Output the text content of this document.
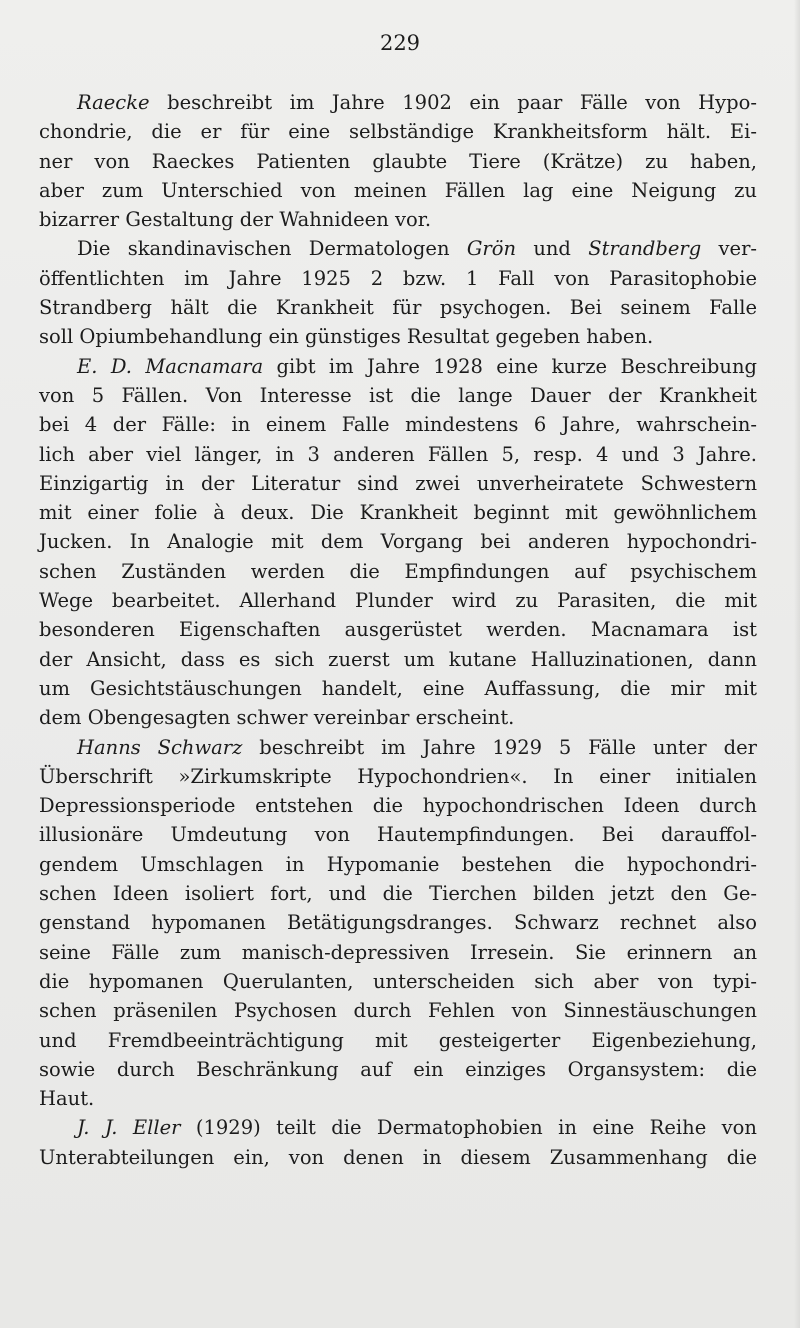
229
Raecke beschreibt im Jahre 1902 ein paar Fälle von Hypo-
chondrie, die er für eine selbständige Krankheitsform hält. Ei-
ner von Raeckes Patienten glaubte Tiere (Krätze) zu haben,
aber zum Unterschied von meinen Fällen lag eine Neigung zu
bizarrer Gestaltung der Wahnideen vor.
Die skandinavischen Dermatologen Grön und Strandberg ver-
öffentlichten im Jahre 1925 2 bzw. 1 Fall von Parasitophobie
Strandberg hält die Krankheit für psychogen. Bei seinem Falle
soll Opiumbehandlung ein günstiges Resultat gegeben haben.
E. D. Macnamara gibt im Jahre 1928 eine kurze Beschreibung
von 5 Fällen. Von Interesse ist die lange Dauer der Krankheit
bei 4 der Fälle: in einem Falle mindestens 6 Jahre, wahrschein-
lich aber viel länger, in 3 anderen Fällen 5, resp. 4 und 3 Jahre.
Einzigartig in der Literatur sind zwei unverheiratete Schwestern
mit einer folie à deux. Die Krankheit beginnt mit gewöhnlichem
Jucken. In Analogie mit dem Vorgang bei anderen hypochondri-
schen Zuständen werden die Empfindungen auf psychischem
Wege bearbeitet. Allerhand Plunder wird zu Parasiten, die mit
besonderen Eigenschaften ausgerüstet werden. Macnamara ist
der Ansicht, dass es sich zuerst um kutane Halluzinationen, dann
um Gesichtstäuschungen handelt, eine Auffassung, die mir mit
dem Obengesagten schwer vereinbar erscheint.
Hanns Schwarz beschreibt im Jahre 1929 5 Fälle unter der
Überschrift »Zirkumskripte Hypochondrien«. In einer initialen
Depressionsperiode entstehen die hypochondrischen Ideen durch
illusionäre Umdeutung von Hautempfindungen. Bei darauffol-
gendem Umschlagen in Hypomanie bestehen die hypochondri-
schen Ideen isoliert fort, und die Tierchen bilden jetzt den Ge-
genstand hypomanen Betätigungsdranges. Schwarz rechnet also
seine Fälle zum manisch-depressiven Irresein. Sie erinnern an
die hypomanen Querulanten, unterscheiden sich aber von typi-
schen präsenilen Psychosen durch Fehlen von Sinnestäuschungen
und Fremdbeeinträchtigung mit gesteigerter Eigenbeziehung,
sowie durch Beschränkung auf ein einziges Organsystem: die
Haut.
J. J. Eller (1929) teilt die Dermatophobien in eine Reihe von
Unterabteilungen ein, von denen in diesem Zusammenhang die
